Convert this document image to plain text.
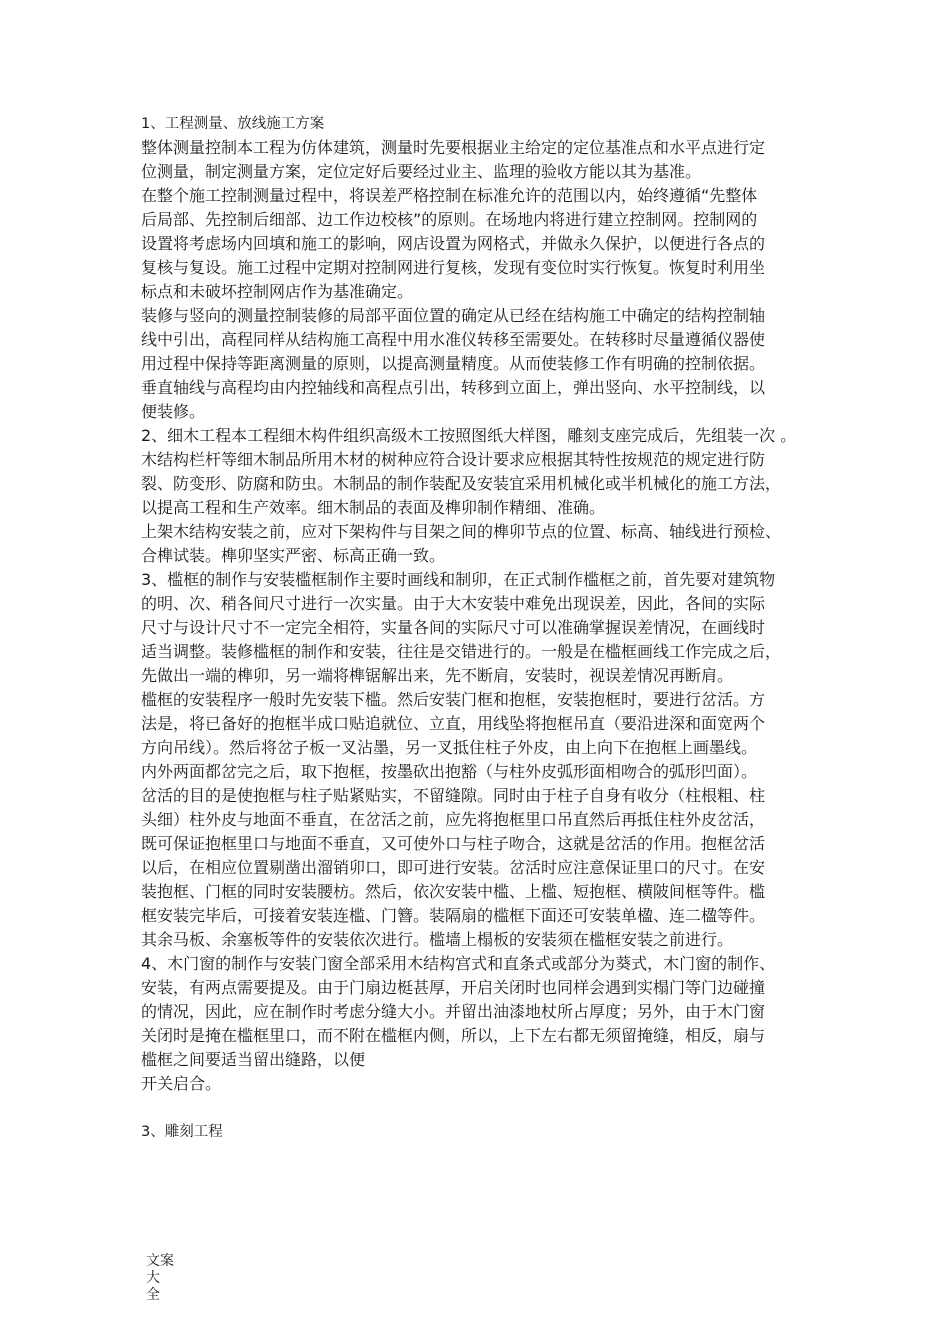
1、工程测量、放线施工方案
整体测量控制本工程为仿体建筑，测量时先要根据业主给定的定位基准点和水平点进行定
位测量，制定测量方案，定位定好后要经过业主、监理的验收方能以其为基准。
在整个施工控制测量过程中，将误差严格控制在标准允许的范围以内，始终遵循“先整体
后局部、先控制后细部、边工作边校核”的原则。在场地内将进行建立控制网。控制网的
设置将考虑场内回填和施工的影响，网店设置为网格式，并做永久保护，以便进行各点的
复核与复设。施工过程中定期对控制网进行复核，发现有变位时实行恢复。恢复时利用坐
标点和未破坏控制网店作为基准确定。
装修与竖向的测量控制装修的局部平面位置的确定从已经在结构施工中确定的结构控制轴
线中引出，高程同样从结构施工高程中用水准仪转移至需要处。在转移时尽量遵循仪器使
用过程中保持等距离测量的原则，以提高测量精度。从而使装修工作有明确的控制依据。
垂直轴线与高程均由内控轴线和高程点引出，转移到立面上，弹出竖向、水平控制线，以
便装修。
2、细木工程本工程细木构件组织高级木工按照图纸大样图，雕刻支座完成后，先组装一次 。
木结构栏杆等细木制品所用木材的树种应符合设计要求应根据其特性按规范的规定进行防
裂、防变形、防腐和防虫。木制品的制作装配及安装宜采用机械化或半机械化的施工方法，
以提高工程和生产效率。细木制品的表面及榫卯制作精细、准确。
上架木结构安装之前，应对下架构件与目架之间的榫卯节点的位置、标高、轴线进行预检、
合榫试装。榫卯坚实严密、标高正确一致。
3、槛框的制作与安装槛框制作主要时画线和制卯，在正式制作槛框之前，首先要对建筑物
的明、次、稍各间尺寸进行一次实量。由于大木安装中难免出现误差，因此，各间的实际
尺寸与设计尺寸不一定完全相符，实量各间的实际尺寸可以准确掌握误差情况，在画线时
适当调整。装修槛框的制作和安装，往往是交错进行的。一般是在槛框画线工作完成之后，
先做出一端的榫卯，另一端将榫锯解出来，先不断肩，安装时，视误差情况再断肩。
槛框的安装程序一般时先安装下槛。然后安装门框和抱框，安装抱框时，要进行岔活。方
法是，将已备好的抱框半成口贴追就位、立直，用线坠将抱框吊直（要沿进深和面宽两个
方向吊线）。然后将岔子板一叉沾墨，另一叉抵住柱子外皮，由上向下在抱框上画墨线。
内外两面都岔完之后，取下抱框，按墨砍出抱豁（与柱外皮弧形面相吻合的弧形凹面）。
岔活的目的是使抱框与柱子贴紧贴实，不留缝隙。同时由于柱子自身有收分（柱根粗、柱
头细）柱外皮与地面不垂直，在岔活之前，应先将抱框里口吊直然后再抵住柱外皮岔活，
既可保证抱框里口与地面不垂直，又可使外口与柱子吻合，这就是岔活的作用。抱框岔活
以后，在相应位置剔凿出溜销卯口，即可进行安装。岔活时应注意保证里口的尺寸。在安
装抱框、门框的同时安装腰枋。然后，依次安装中槛、上槛、短抱框、横陂间框等件。槛
框安装完毕后，可接着安装连槛、门簪。装隔扇的槛框下面还可安装单楹、连二楹等件。
其余马板、余塞板等件的安装依次进行。槛墙上榻板的安装须在槛框安装之前进行。
4、木门窗的制作与安装门窗全部采用木结构宫式和直条式或部分为葵式，木门窗的制作、
安装，有两点需要提及。由于门扇边梃甚厚，开启关闭时也同样会遇到实榻门等门边碰撞
的情况，因此，应在制作时考虑分缝大小。并留出油漆地杖所占厚度；另外，由于木门窗
关闭时是掩在槛框里口，而不附在槛框内侧，所以，上下左右都无须留掩缝，相反，扇与
槛框之间要适当留出缝路，以便
开关启合。
3、雕刻工程
文案大
全
